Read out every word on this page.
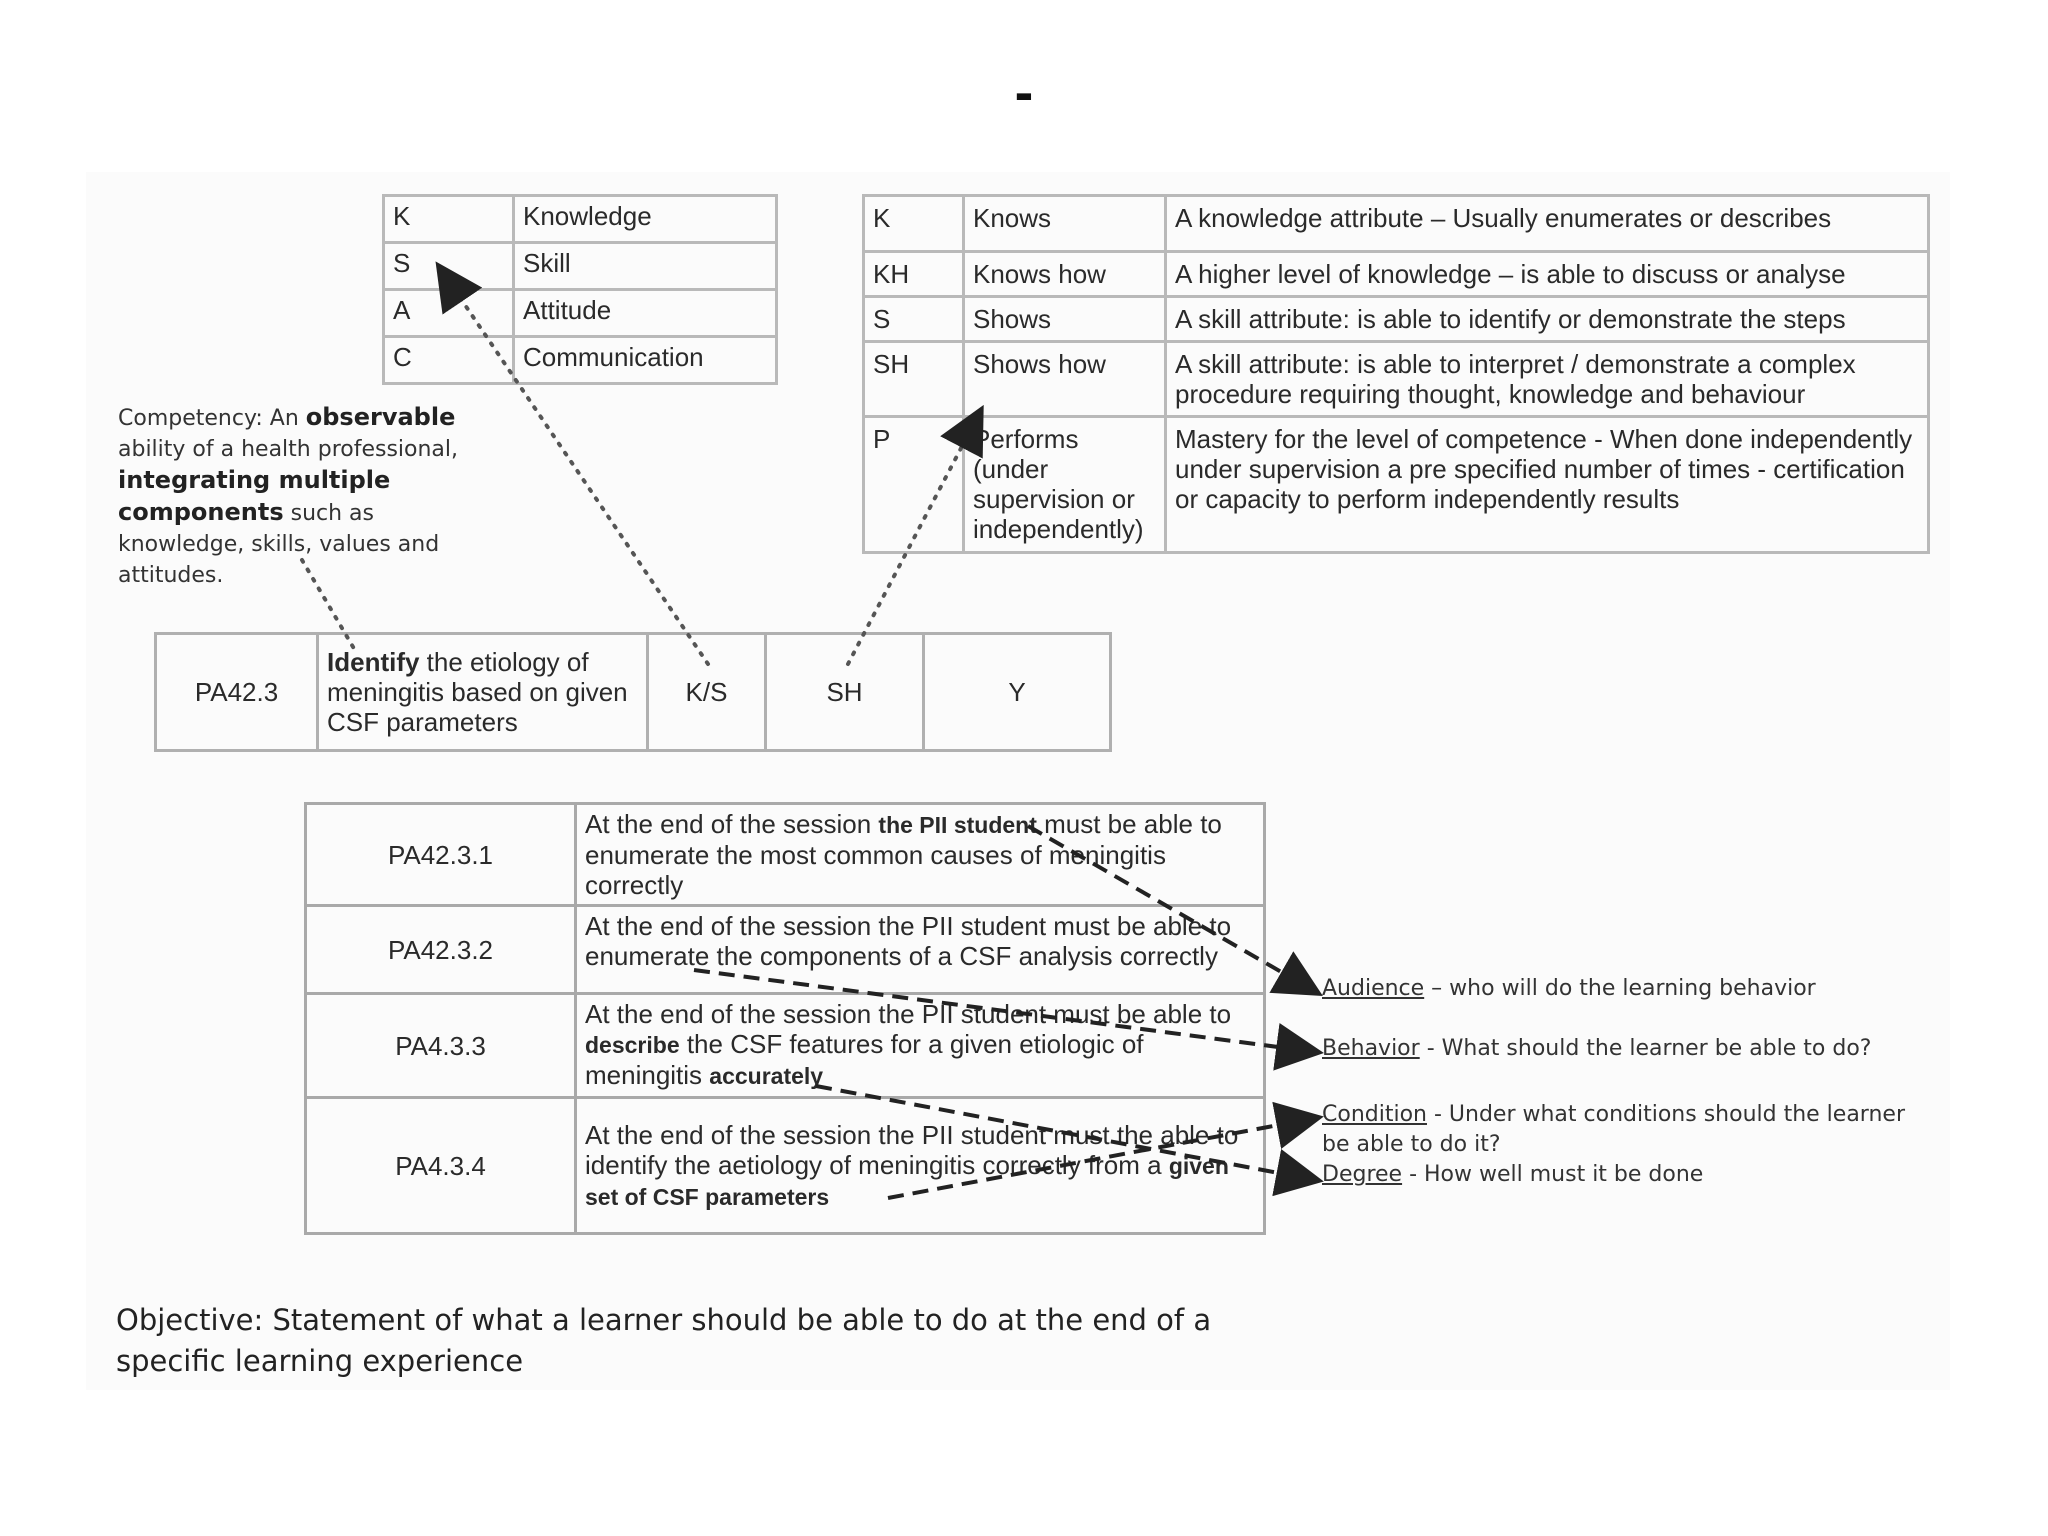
-
K	Knowledge
S	Skill
A	Attitude
C	Communication
K	Knows	A knowledge attribute – Usually enumerates or describes
KH	Knows how	A higher level of knowledge – is able to discuss or analyse
S	Shows	A skill attribute: is able to identify or demonstrate the steps
SH	Shows how	A skill attribute: is able to interpret / demonstrate a complex procedure requiring thought, knowledge and behaviour
P	Performs (under supervision or independently)	Mastery for the level of competence - When done independently under supervision a pre specified number of times - certification or capacity to perform independently results
Competency: An observable ability of a health professional, integrating multiple components such as knowledge, skills, values and attitudes.
PA42.3	Identify the etiology of meningitis based on given CSF parameters	K/S	SH	Y
PA42.3.1	At the end of the session the PII student must be able to enumerate the most common causes of meningitis correctly
PA42.3.2	At the end of the session the PII student must be able to enumerate the components of a CSF analysis correctly
PA4.3.3	At the end of the session the PII student must be able to describe the CSF features for a given etiologic of meningitis accurately
PA4.3.4	At the end of the session the PII student must the able to identify the aetiology of meningitis correctly from a given set of CSF parameters
Audience – who will do the learning behavior
Behavior - What should the learner be able to do?
Condition - Under what conditions should the learner be able to do it?
Degree - How well must it be done
Objective: Statement of what a learner should be able to do at the end of a specific learning experience
